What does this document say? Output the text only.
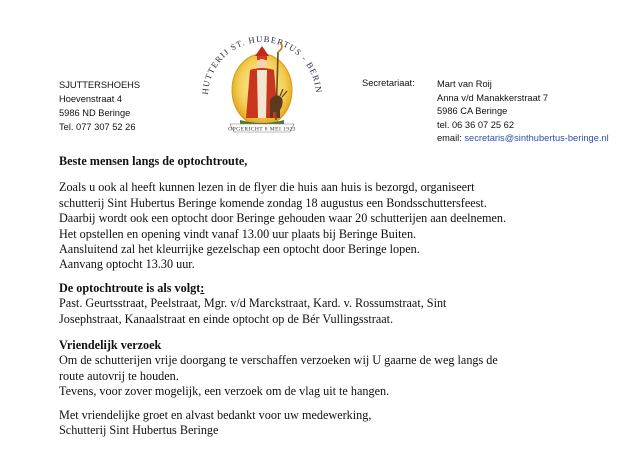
HUTTERIJ ST. HUBERTUS - BERIN
OPGERICHT 8 MEI 1923
SJUTTERSHOEHS
Hoevenstraat 4
5986 ND Beringe
Tel. 077 307 52 26
Secretariaat: Mart van Roij
Anna v/d Manakkerstraat 7
5986 CA Beringe
tel. 06 36 07 25 62
email: secretaris@sinthubertus-beringe.nl
Beste mensen langs de optochtroute,
Zoals u ook al heeft kunnen lezen in de flyer die huis aan huis is bezorgd, organiseert
schutterij Sint Hubertus Beringe komende zondag 18 augustus een Bondsschuttersfeest.
Daarbij wordt ook een optocht door Beringe gehouden waar 20 schutterijen aan deelnemen.
Het opstellen en opening vindt vanaf 13.00 uur plaats bij Beringe Buiten.
Aansluitend zal het kleurrijke gezelschap een optocht door Beringe lopen.
Aanvang optocht 13.30 uur.
De optochtroute is als volgt:
Past. Geurtsstraat, Peelstraat, Mgr. v/d Marckstraat, Kard. v. Rossumstraat, Sint
Josephstraat, Kanaalstraat en einde optocht op de Bér Vullingsstraat.
Vriendelijk verzoek
Om de schutterijen vrije doorgang te verschaffen verzoeken wij U gaarne de weg langs de
route autovrij te houden.
Tevens, voor zover mogelijk, een verzoek om de vlag uit te hangen.
Met vriendelijke groet en alvast bedankt voor uw medewerking,
Schutterij Sint Hubertus Beringe
